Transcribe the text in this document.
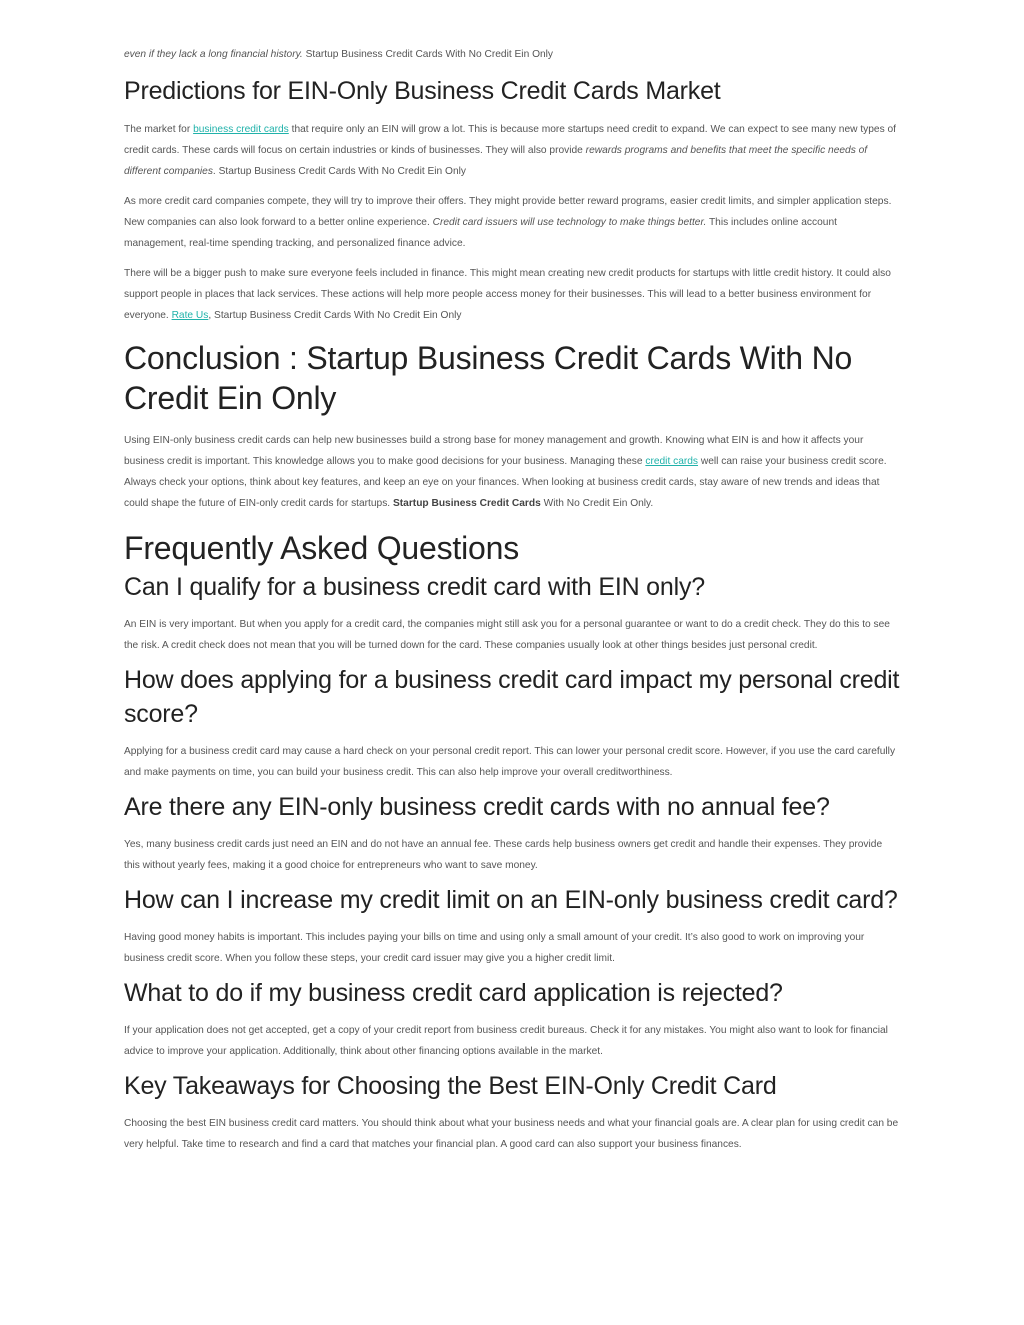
even if they lack a long financial history. Startup Business Credit Cards With No Credit Ein Only

Predictions for EIN-Only Business Credit Cards Market

The market for business credit cards that require only an EIN will grow a lot. This is because more startups need credit to expand. We can expect to see many new types of credit cards. These cards will focus on certain industries or kinds of businesses. They will also provide rewards programs and benefits that meet the specific needs of different companies. Startup Business Credit Cards With No Credit Ein Only

As more credit card companies compete, they will try to improve their offers. They might provide better reward programs, easier credit limits, and simpler application steps. New companies can also look forward to a better online experience. Credit card issuers will use technology to make things better. This includes online account management, real-time spending tracking, and personalized finance advice.

There will be a bigger push to make sure everyone feels included in finance. This might mean creating new credit products for startups with little credit history. It could also support people in places that lack services. These actions will help more people access money for their businesses. This will lead to a better business environment for everyone. Rate Us, Startup Business Credit Cards With No Credit Ein Only

Conclusion : Startup Business Credit Cards With No Credit Ein Only

Using EIN-only business credit cards can help new businesses build a strong base for money management and growth. Knowing what EIN is and how it affects your business credit is important. This knowledge allows you to make good decisions for your business. Managing these credit cards well can raise your business credit score. Always check your options, think about key features, and keep an eye on your finances. When looking at business credit cards, stay aware of new trends and ideas that could shape the future of EIN-only credit cards for startups. Startup Business Credit Cards With No Credit Ein Only.

Frequently Asked Questions
Can I qualify for a business credit card with EIN only?

An EIN is very important. But when you apply for a credit card, the companies might still ask you for a personal guarantee or want to do a credit check. They do this to see the risk. A credit check does not mean that you will be turned down for the card. These companies usually look at other things besides just personal credit.

How does applying for a business credit card impact my personal credit score?

Applying for a business credit card may cause a hard check on your personal credit report. This can lower your personal credit score. However, if you use the card carefully and make payments on time, you can build your business credit. This can also help improve your overall creditworthiness.

Are there any EIN-only business credit cards with no annual fee?

Yes, many business credit cards just need an EIN and do not have an annual fee. These cards help business owners get credit and handle their expenses. They provide this without yearly fees, making it a good choice for entrepreneurs who want to save money.

How can I increase my credit limit on an EIN-only business credit card?

Having good money habits is important. This includes paying your bills on time and using only a small amount of your credit. It’s also good to work on improving your business credit score. When you follow these steps, your credit card issuer may give you a higher credit limit.

What to do if my business credit card application is rejected?

If your application does not get accepted, get a copy of your credit report from business credit bureaus. Check it for any mistakes. You might also want to look for financial advice to improve your application. Additionally, think about other financing options available in the market.

Key Takeaways for Choosing the Best EIN-Only Credit Card

Choosing the best EIN business credit card matters. You should think about what your business needs and what your financial goals are. A clear plan for using credit can be very helpful. Take time to research and find a card that matches your financial plan. A good card can also support your business finances.
